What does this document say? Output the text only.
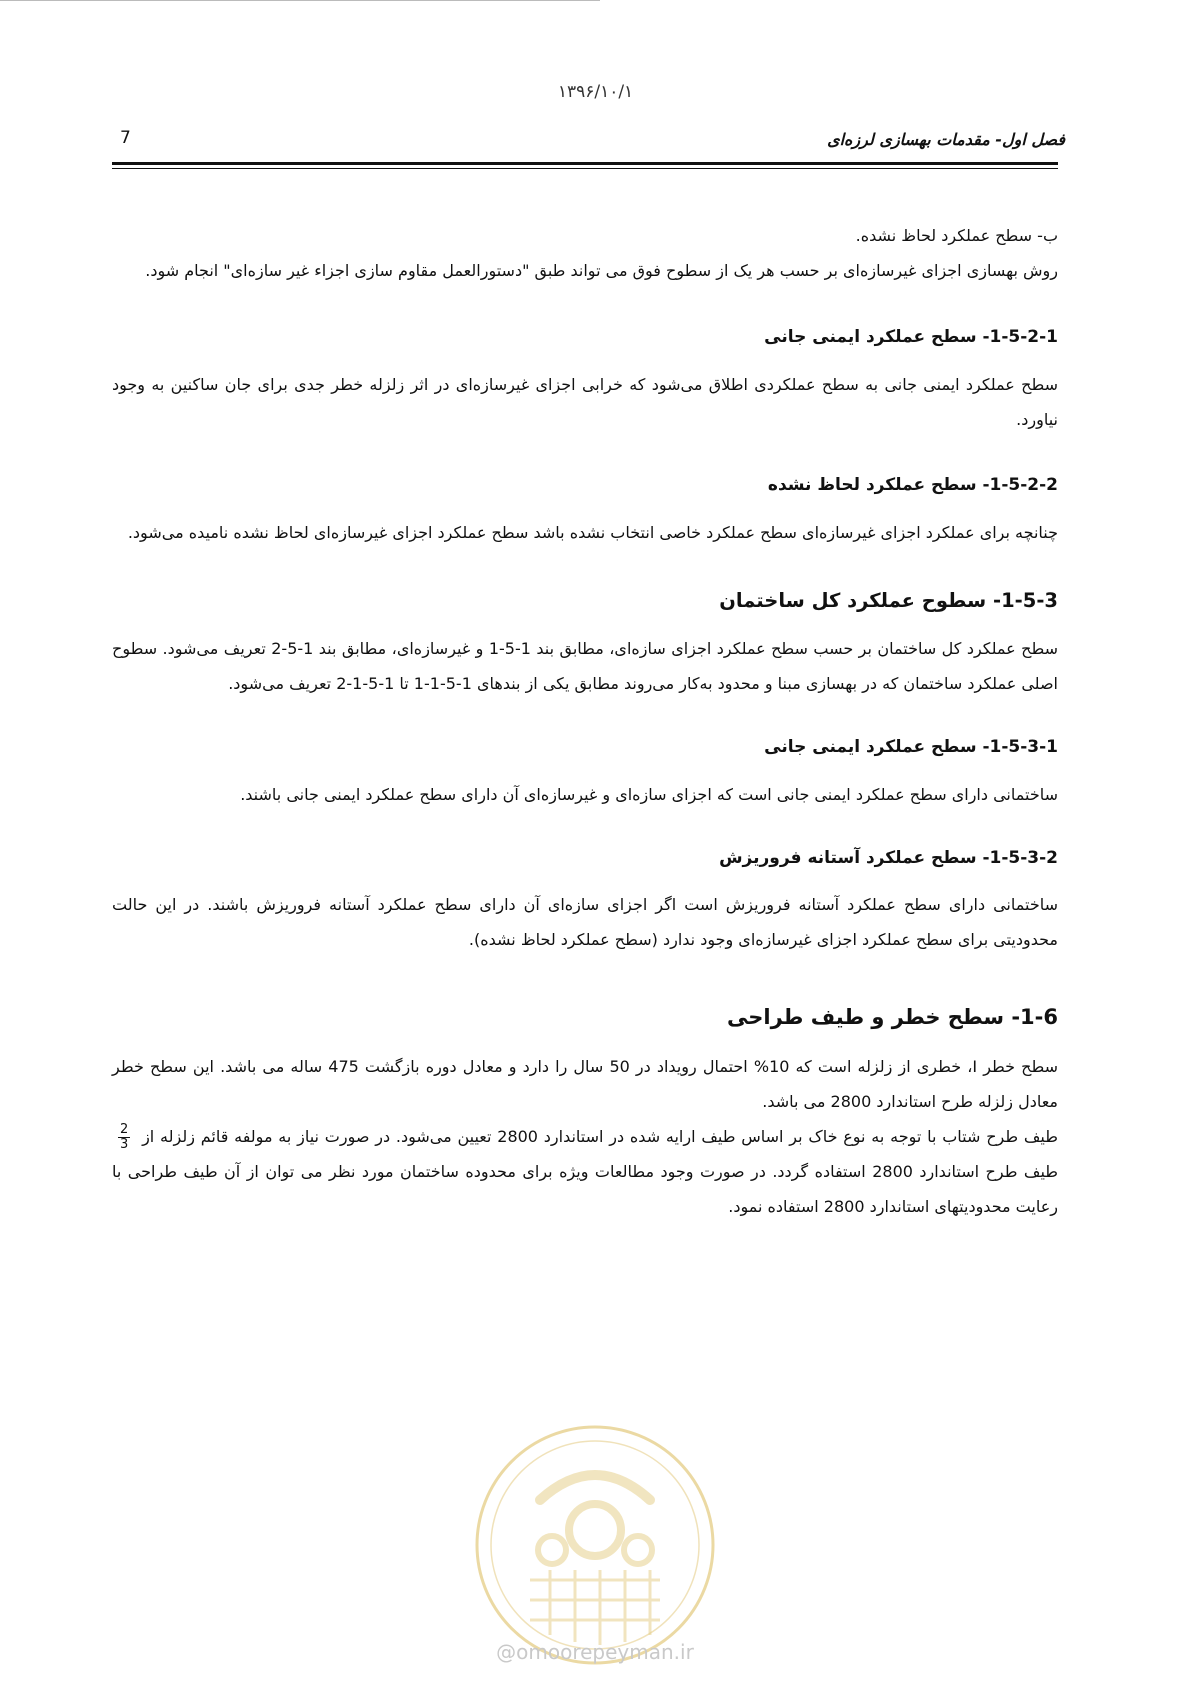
۱۳۹۶/۱۰/۱
7	فصل اول- مقدمات بهسازی لرزه‌ای

ب- سطح عملکرد لحاظ نشده.

روش بهسازی اجزای غیرسازه‌ای بر حسب هر یک از سطوح فوق می تواند طبق "دستورالعمل مقاوم سازی اجزاء غیر سازه‌ای" انجام شود.

1-5-2-1- سطح عملکرد ایمنی جانی

سطح عملکرد ایمنی جانی به سطح عملکردی اطلاق می‌شود که خرابی اجزای غیرسازه‌ای در اثر زلزله خطر جدی برای جان ساکنین به وجود نیاورد.

1-5-2-2- سطح عملکرد لحاظ نشده

چنانچه برای عملکرد اجزای غیرسازه‌ای سطح عملکرد خاصی انتخاب نشده باشد سطح عملکرد اجزای غیرسازه‌ای لحاظ نشده نامیده می‌شود.

1-5-3- سطوح عملکرد کل ساختمان

سطح عملکرد کل ساختمان بر حسب سطح عملکرد اجزای سازه‌ای، مطابق بند 1-5-1 و غیرسازه‌ای، مطابق بند 1-5-2 تعریف می‌شود. سطوح اصلی عملکرد ساختمان که در بهسازی مبنا و محدود به‌کار می‌روند مطابق یکی از بندهای 1-5-1-1 تا 1-5-1-2 تعریف می‌شود.

1-5-3-1- سطح عملکرد ایمنی جانی

ساختمانی دارای سطح عملکرد ایمنی جانی است که اجزای سازه‌ای و غیرسازه‌ای آن دارای سطح عملکرد ایمنی جانی باشند.

1-5-3-2- سطح عملکرد آستانه فروریزش

ساختمانی دارای سطح عملکرد آستانه فروریزش است اگر اجزای سازه‌ای آن دارای سطح عملکرد آستانه فروریزش باشند. در این حالت محدودیتی برای سطح عملکرد اجزای غیرسازه‌ای وجود ندارد (سطح عملکرد لحاظ نشده).

1-6- سطح خطر و طیف طراحی

سطح خطر I، خطری از زلزله است که 10% احتمال رویداد در 50 سال را دارد و معادل دوره بازگشت 475 ساله می باشد. این سطح خطر معادل زلزله طرح استاندارد 2800 می باشد.

طیف طرح شتاب با توجه به نوع خاک بر اساس طیف ارایه شده در استاندارد 2800 تعیین می‌شود. در صورت نیاز به مولفه قائم زلزله از
$\frac{2}{3}$
طیف طرح استاندارد 2800 استفاده گردد. در صورت وجود مطالعات ویژه برای محدوده ساختمان مورد نظر می توان از آن طیف طراحی با رعایت محدودیتهای استاندارد 2800 استفاده نمود.

@omoorepeyman.ir
